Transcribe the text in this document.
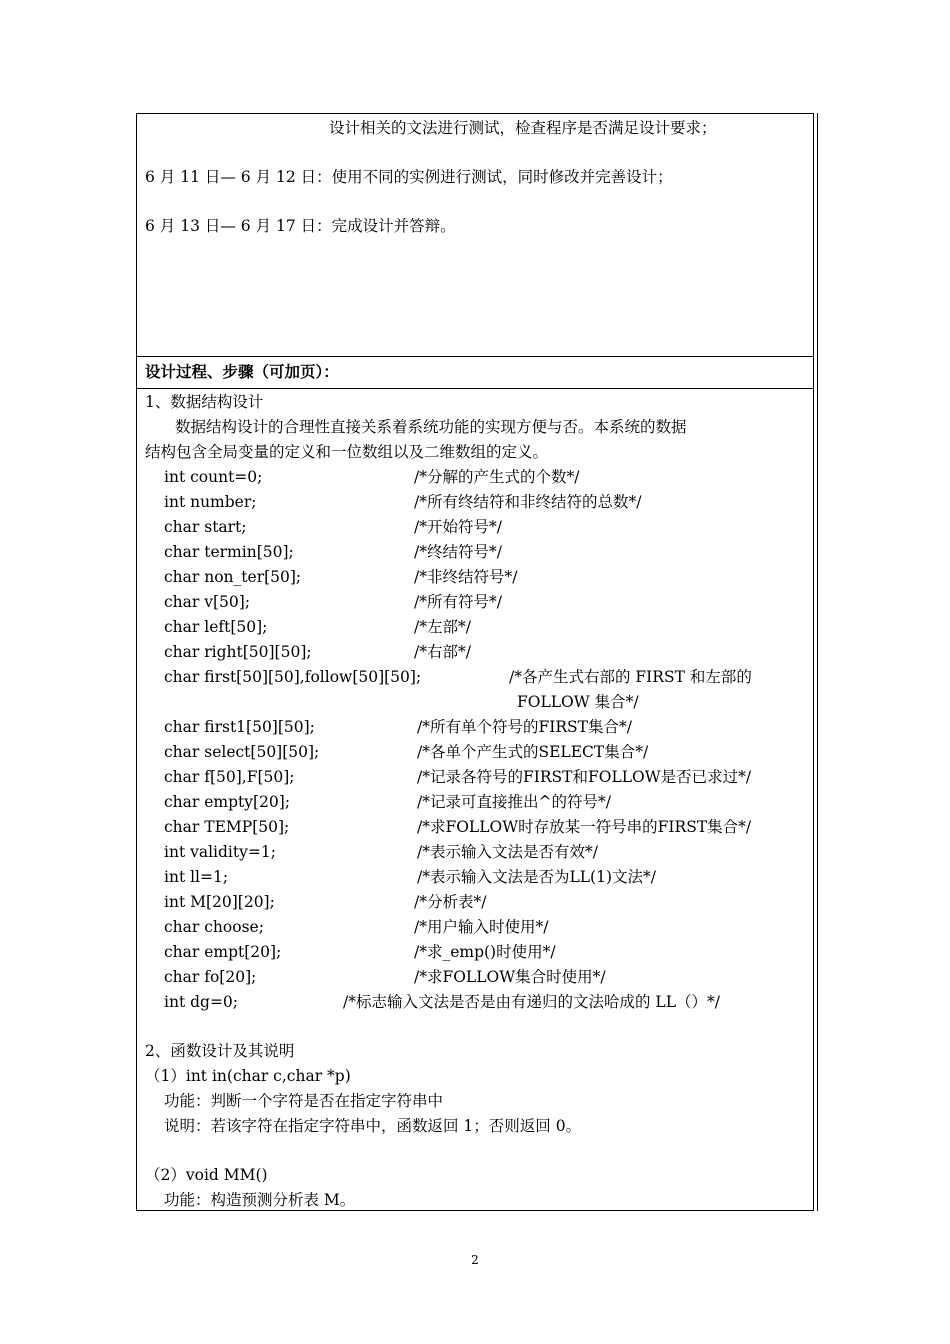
设计相关的文法进行测试，检查程序是否满足设计要求；
6 月 11 日— 6 月 12 日：使用不同的实例进行测试，同时修改并完善设计；
6 月 13 日— 6 月 17 日：完成设计并答辩。
设计过程、步骤（可加页）：
1、数据结构设计
数据结构设计的合理性直接关系着系统功能的实现方便与否。本系统的数据
结构包含全局变量的定义和一位数组以及二维数组的定义。
int count=0;	/*分解的产生式的个数*/
int number;	/*所有终结符和非终结符的总数*/
char start;	/*开始符号*/
char termin[50];	/*终结符号*/
char non_ter[50];	/*非终结符号*/
char v[50];	/*所有符号*/
char left[50];	/*左部*/
char right[50][50];	/*右部*/
char first[50][50],follow[50][50];	/*各产生式右部的 FIRST 和左部的
FOLLOW 集合*/
char first1[50][50];	/*所有单个符号的FIRST集合*/
char select[50][50];	/*各单个产生式的SELECT集合*/
char f[50],F[50];	/*记录各符号的FIRST和FOLLOW是否已求过*/
char empty[20];	/*记录可直接推出^的符号*/
char TEMP[50];	/*求FOLLOW时存放某一符号串的FIRST集合*/
int validity=1;	/*表示输入文法是否有效*/
int ll=1;	/*表示输入文法是否为LL(1)文法*/
int M[20][20];	/*分析表*/
char choose;	/*用户输入时使用*/
char empt[20];	/*求_emp()时使用*/
char fo[20];	/*求FOLLOW集合时使用*/
int dg=0;	/*标志输入文法是否是由有递归的文法哈成的 LL（）*/
2、函数设计及其说明
（1）int in(char c,char *p)
功能：判断一个字符是否在指定字符串中
说明：若该字符在指定字符串中，函数返回 1；否则返回 0。
（2）void MM()
功能：构造预测分析表 M。
2
